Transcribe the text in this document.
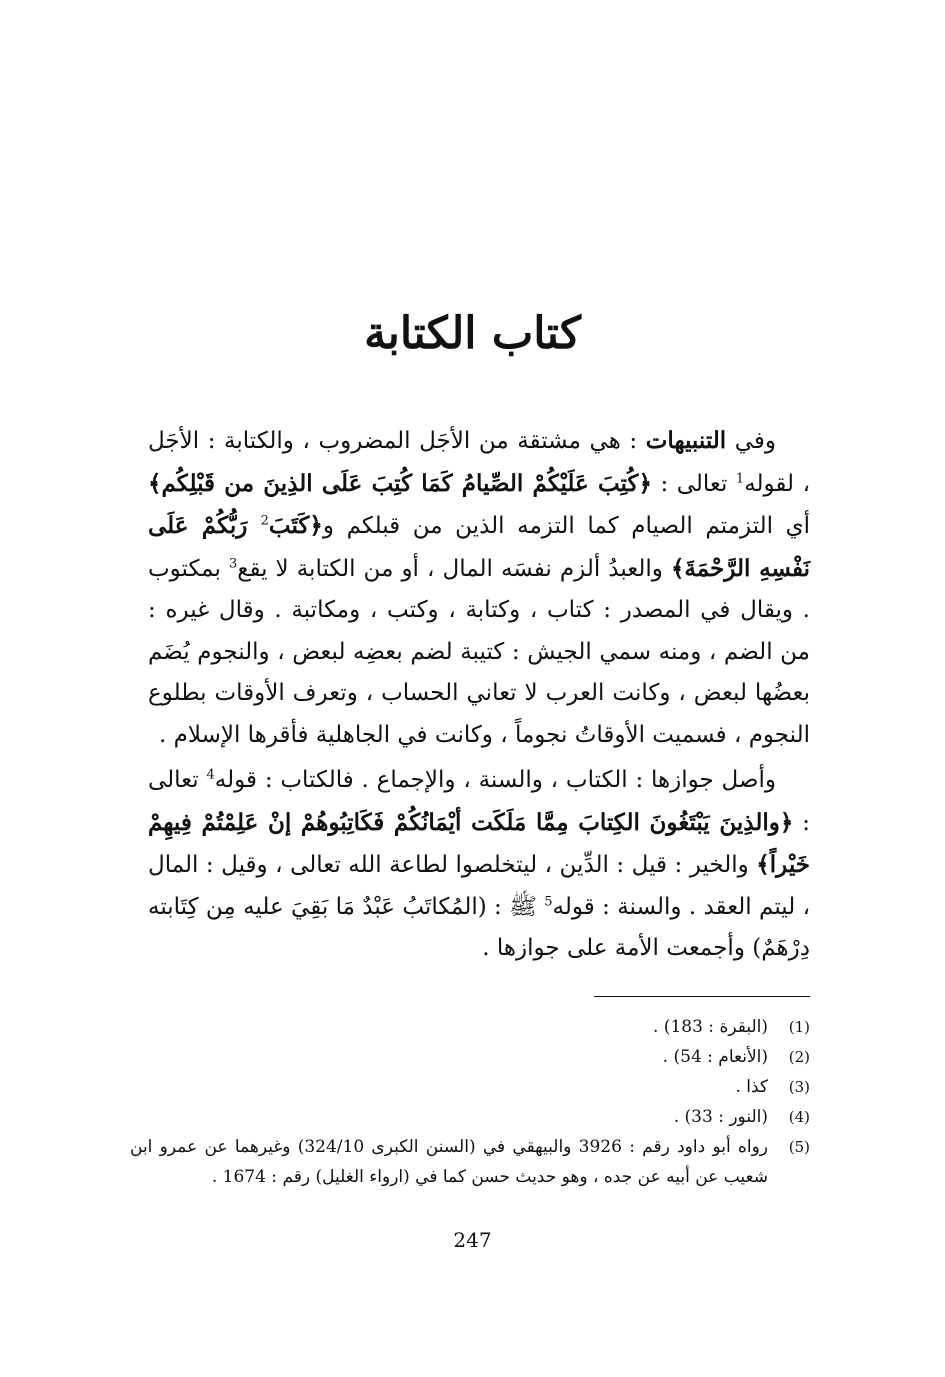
كتاب الكتابة

وفي التنبيهات : هي مشتقة من الأجَل المضروب ، والكتابة : الأجَل ، لقوله$^1$ تعالى : ﴿كُتِبَ عَلَيْكُمْ الصِّيامُ كَمَا كُتِبَ عَلَى الذِينَ من قَبْلِكُم﴾ أي التزمتم الصيام كما التزمه الذين من قبلكم و﴿كَتَبَ$^2$ رَبُّكُمْ عَلَى نَفْسِهِ الرَّحْمَةَ﴾ والعبدُ ألزم نفسَه المال ، أو من الكتابة لا يقع$^3$ بمكتوب . ويقال في المصدر : كتاب ، وكتابة ، وكتب ، ومكاتبة . وقال غيره : من الضم ، ومنه سمي الجيش : كتيبة لضم بعضِه لبعض ، والنجوم يُضَم بعضُها لبعض ، وكانت العرب لا تعاني الحساب ، وتعرف الأوقات بطلوع النجوم ، فسميت الأوقاتُ نجوماً ، وكانت في الجاهلية فأقرها الإسلام .

وأصل جوازها : الكتاب ، والسنة ، والإجماع . فالكتاب : قوله$^4$ تعالى : ﴿والذِينَ يَبْتَغُونَ الكِتابَ مِمَّا مَلَكَت أيْمَانُكُمْ فَكَاتِبُوهُمْ إنْ عَلِمْتُمْ فِيهِمْ خَيْراً﴾ والخير : قيل : الدِّين ، ليتخلصوا لطاعة الله تعالى ، وقيل : المال ، ليتم العقد . والسنة : قوله$^5$ ﷺ : (المُكاتَبُ عَبْدٌ مَا بَقِيَ عليه مِن كِتَابته دِرْهَمٌ) وأجمعت الأمة على جوازها .

(1)
(البقرة : 183) .
(2)
(الأنعام : 54) .
(3)
كذا .
(4)
(النور : 33) .
(5)
رواه أبو داود رقم : 3926 والبيهقي في (السنن الكبرى 324/10) وغيرهما عن عمرو ابن شعيب عن أبيه عن جده ، وهو حديث حسن كما في (ارواء الغليل) رقم : 1674 .
247
